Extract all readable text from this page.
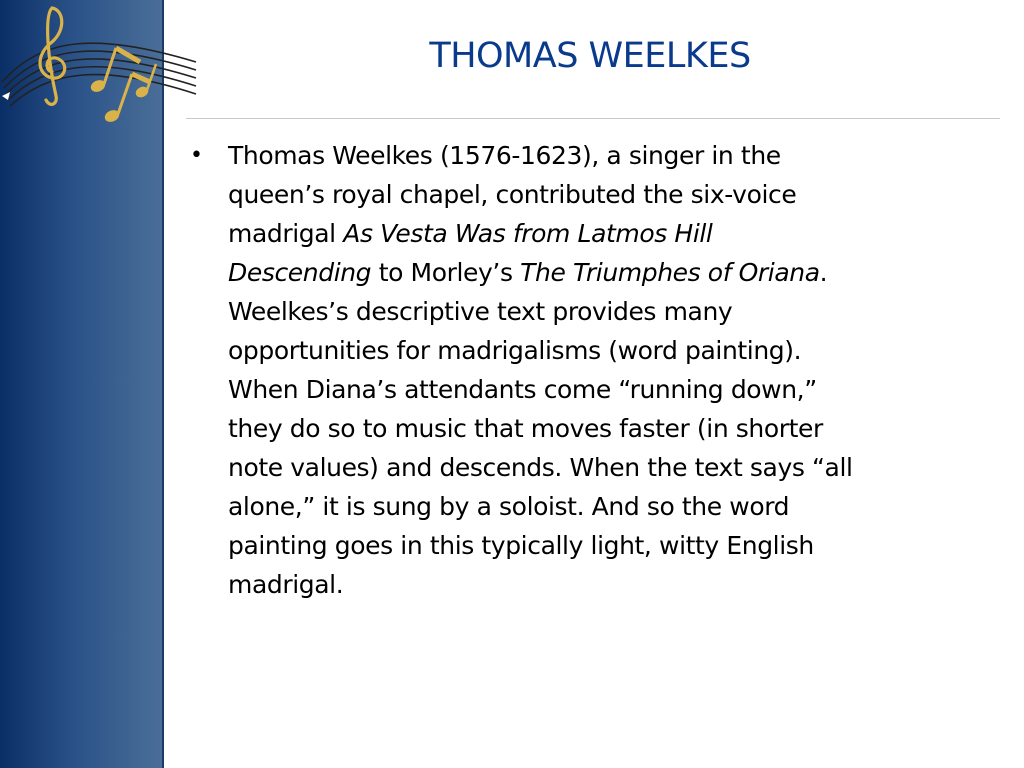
THOMAS WEELKES
•	Thomas Weelkes (1576-1623), a singer in the
queen’s royal chapel, contributed the six-voice
madrigal As Vesta Was from Latmos Hill
Descending to Morley’s The Triumphes of Oriana.
Weelkes’s descriptive text provides many
opportunities for madrigalisms (word painting).
When Diana’s attendants come “running down,”
they do so to music that moves faster (in shorter
note values) and descends. When the text says “all
alone,” it is sung by a soloist. And so the word
painting goes in this typically light, witty English
madrigal.
